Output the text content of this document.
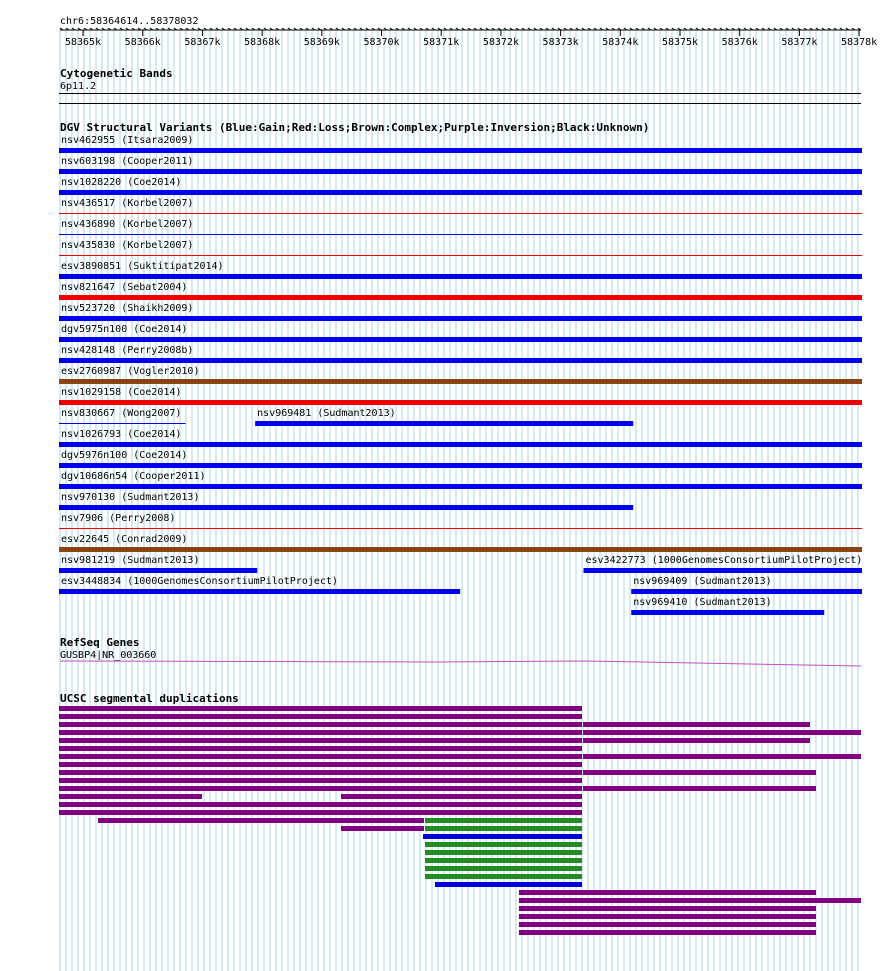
chr6:58364614..58378032
58365k 58366k 58367k 58368k 58369k 58370k 58371k 58372k 58373k 58374k 58375k 58376k 58377k 58378k
Cytogenetic Bands
6p11.2
DGV Structural Variants (Blue:Gain;Red:Loss;Brown:Complex;Purple:Inversion;Black:Unknown)
nsv462955 (Itsara2009)
nsv603198 (Cooper2011)
nsv1028220 (Coe2014)
nsv436517 (Korbel2007)
nsv436890 (Korbel2007)
nsv435830 (Korbel2007)
esv3890851 (Suktitipat2014)
nsv821647 (Sebat2004)
nsv523720 (Shaikh2009)
dgv5975n100 (Coe2014)
nsv428148 (Perry2008b)
esv2760987 (Vogler2010)
nsv1029158 (Coe2014)
nsv830667 (Wong2007)	nsv969481 (Sudmant2013)
nsv1026793 (Coe2014)
dgv5976n100 (Coe2014)
dgv10686n54 (Cooper2011)
nsv970130 (Sudmant2013)
nsv7906 (Perry2008)
esv22645 (Conrad2009)
nsv981219 (Sudmant2013)	esv3422773 (1000GenomesConsortiumPilotProject)
esv3448834 (1000GenomesConsortiumPilotProject)	nsv969409 (Sudmant2013)
nsv969410 (Sudmant2013)
RefSeq Genes
GUSBP4|NR_003660
UCSC segmental duplications
